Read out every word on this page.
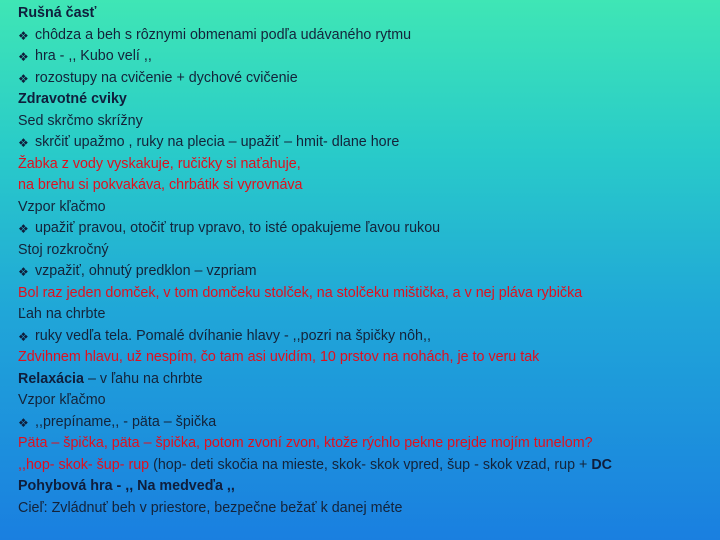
Rušná časť
❖ chôdza a beh s rôznymi obmenami podľa udávaného rytmu
❖ hra - ,, Kubo velí ,,
❖ rozostupy na cvičenie + dychové cvičenie
Zdravotné cviky
Sed skrčmo skrížny
❖ skrčiť upažmo , ruky na plecia – upažiť – hmit- dlane hore
Žabka z vody vyskakuje, ručičky si naťahuje,
na brehu si pokvakáva, chrbátik si vyrovnáva
Vzpor kľačmo
❖ upažiť pravou, otočiť trup vpravo, to isté opakujeme ľavou rukou
Stoj rozkročný
❖ vzpažiť, ohnutý predklon – vzpriam
Bol raz jeden domček, v tom domčeku stolček, na stolčeku mištička, a v nej pláva rybička
Ľah na chrbte
❖ ruky vedľa tela. Pomalé dvíhanie hlavy - ,,pozri na špičky nôh,,
Zdvihnem hlavu, už nespím, čo tam asi uvidím, 10 prstov na nohách, je to veru tak
Relaxácia – v ľahu na chrbte
Vzpor kľačmo
❖ ,,prepíname,, - päta – špička
Päta – špička, päta – špička, potom zvoní zvon, ktože rýchlo pekne prejde mojím tunelom?
,,hop- skok- šup- rup (hop- deti skočia na mieste, skok- skok vpred, šup - skok vzad, rup + DC
Pohybová hra - ,, Na medveďa ,,
Cieľ: Zvládnuť beh v priestore, bezpečne bežať k danej méte
